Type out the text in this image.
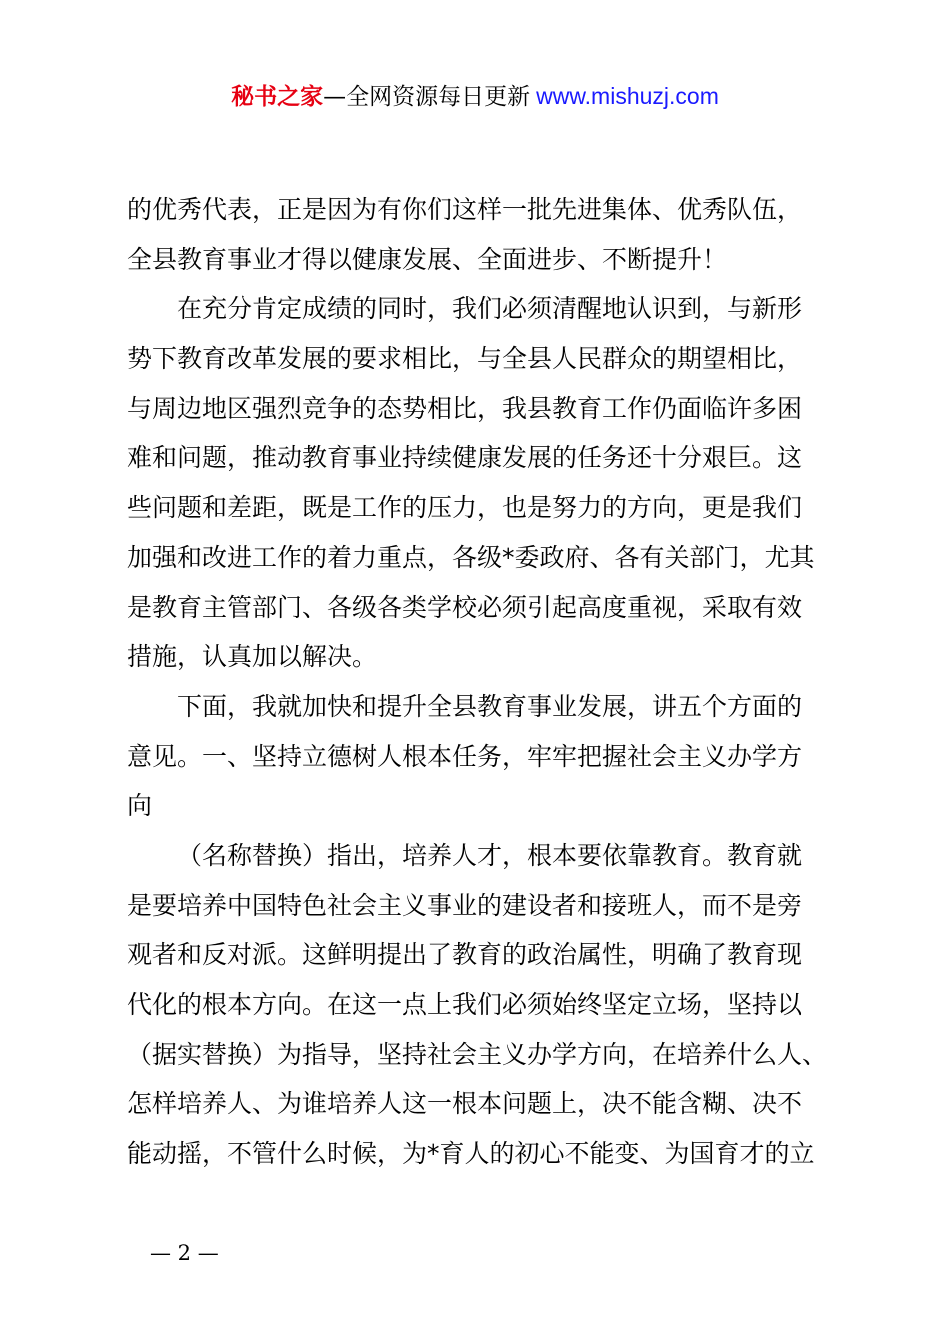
秘书之家—全网资源每日更新 www.mishuzj.com
的优秀代表，正是因为有你们这样一批先进集体、优秀队伍，
全县教育事业才得以健康发展、全面进步、不断提升！
在充分肯定成绩的同时，我们必须清醒地认识到，与新形
势下教育改革发展的要求相比，与全县人民群众的期望相比，
与周边地区强烈竞争的态势相比，我县教育工作仍面临许多困
难和问题，推动教育事业持续健康发展的任务还十分艰巨。这
些问题和差距，既是工作的压力，也是努力的方向，更是我们
加强和改进工作的着力重点，各级*委政府、各有关部门，尤其
是教育主管部门、各级各类学校必须引起高度重视，采取有效
措施，认真加以解决。
下面，我就加快和提升全县教育事业发展，讲五个方面的
意见。一、坚持立德树人根本任务，牢牢把握社会主义办学方
向
（名称替换）指出，培养人才，根本要依靠教育。教育就
是要培养中国特色社会主义事业的建设者和接班人，而不是旁
观者和反对派。这鲜明提出了教育的政治属性，明确了教育现
代化的根本方向。在这一点上我们必须始终坚定立场，坚持以
（据实替换）为指导，坚持社会主义办学方向，在培养什么人、
怎样培养人、为谁培养人这一根本问题上，决不能含糊、决不
能动摇，不管什么时候，为*育人的初心不能变、为国育才的立
— 2 —
